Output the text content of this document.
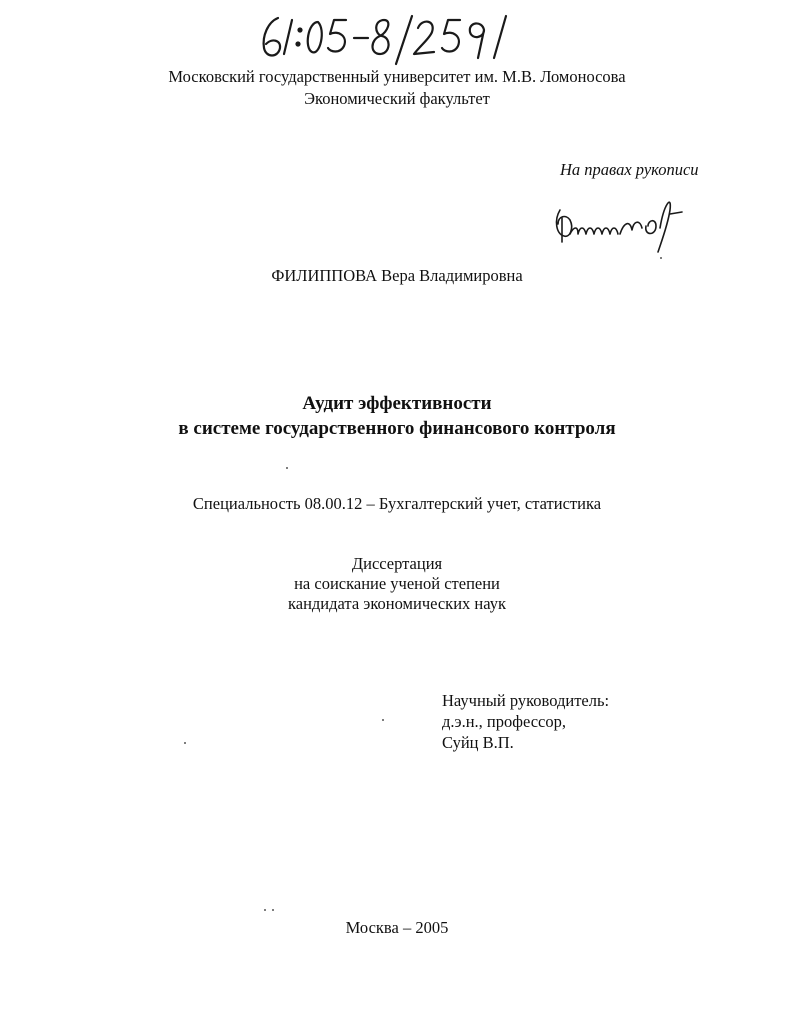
Московский государственный университет им. М.В. Ломоносова
Экономический факультет
На правах рукописи
ФИЛИППОВА Вера Владимировна
Аудит эффективности
в системе государственного финансового контроля
Специальность 08.00.12 – Бухгалтерский учет, статистика
Диссертация
на соискание ученой степени
кандидата экономических наук
Научный руководитель:
д.э.н., профессор,
Суйц В.П.
Москва – 2005
